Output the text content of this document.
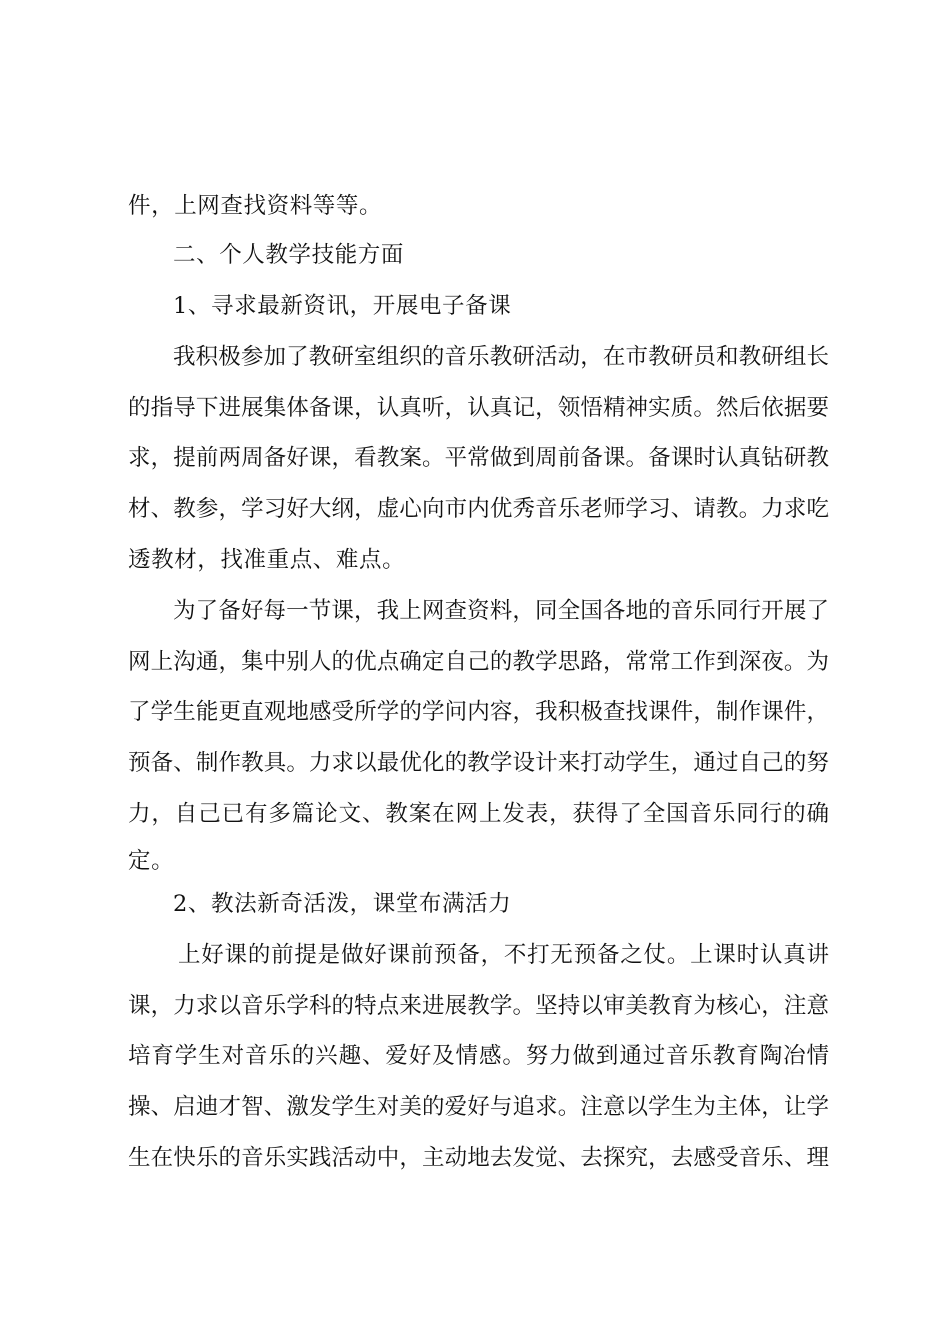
件，上网查找资料等等。
二、个人教学技能方面
1、寻求最新资讯，开展电子备课
我积极参加了教研室组织的音乐教研活动，在市教研员和教研组长
的指导下进展集体备课，认真听，认真记，领悟精神实质。然后依据要
求，提前两周备好课，看教案。平常做到周前备课。备课时认真钻研教
材、教参，学习好大纲，虚心向市内优秀音乐老师学习、请教。力求吃
透教材，找准重点、难点。
为了备好每一节课，我上网查资料，同全国各地的音乐同行开展了
网上沟通，集中别人的优点确定自己的教学思路，常常工作到深夜。为
了学生能更直观地感受所学的学问内容，我积极查找课件，制作课件，
预备、制作教具。力求以最优化的教学设计来打动学生，通过自己的努
力，自己已有多篇论文、教案在网上发表，获得了全国音乐同行的确
定。
2、教法新奇活泼，课堂布满活力
上好课的前提是做好课前预备，不打无预备之仗。上课时认真讲
课，力求以音乐学科的特点来进展教学。坚持以审美教育为核心，注意
培育学生对音乐的兴趣、爱好及情感。努力做到通过音乐教育陶冶情
操、启迪才智、激发学生对美的爱好与追求。注意以学生为主体，让学
生在快乐的音乐实践活动中，主动地去发觉、去探究，去感受音乐、理
